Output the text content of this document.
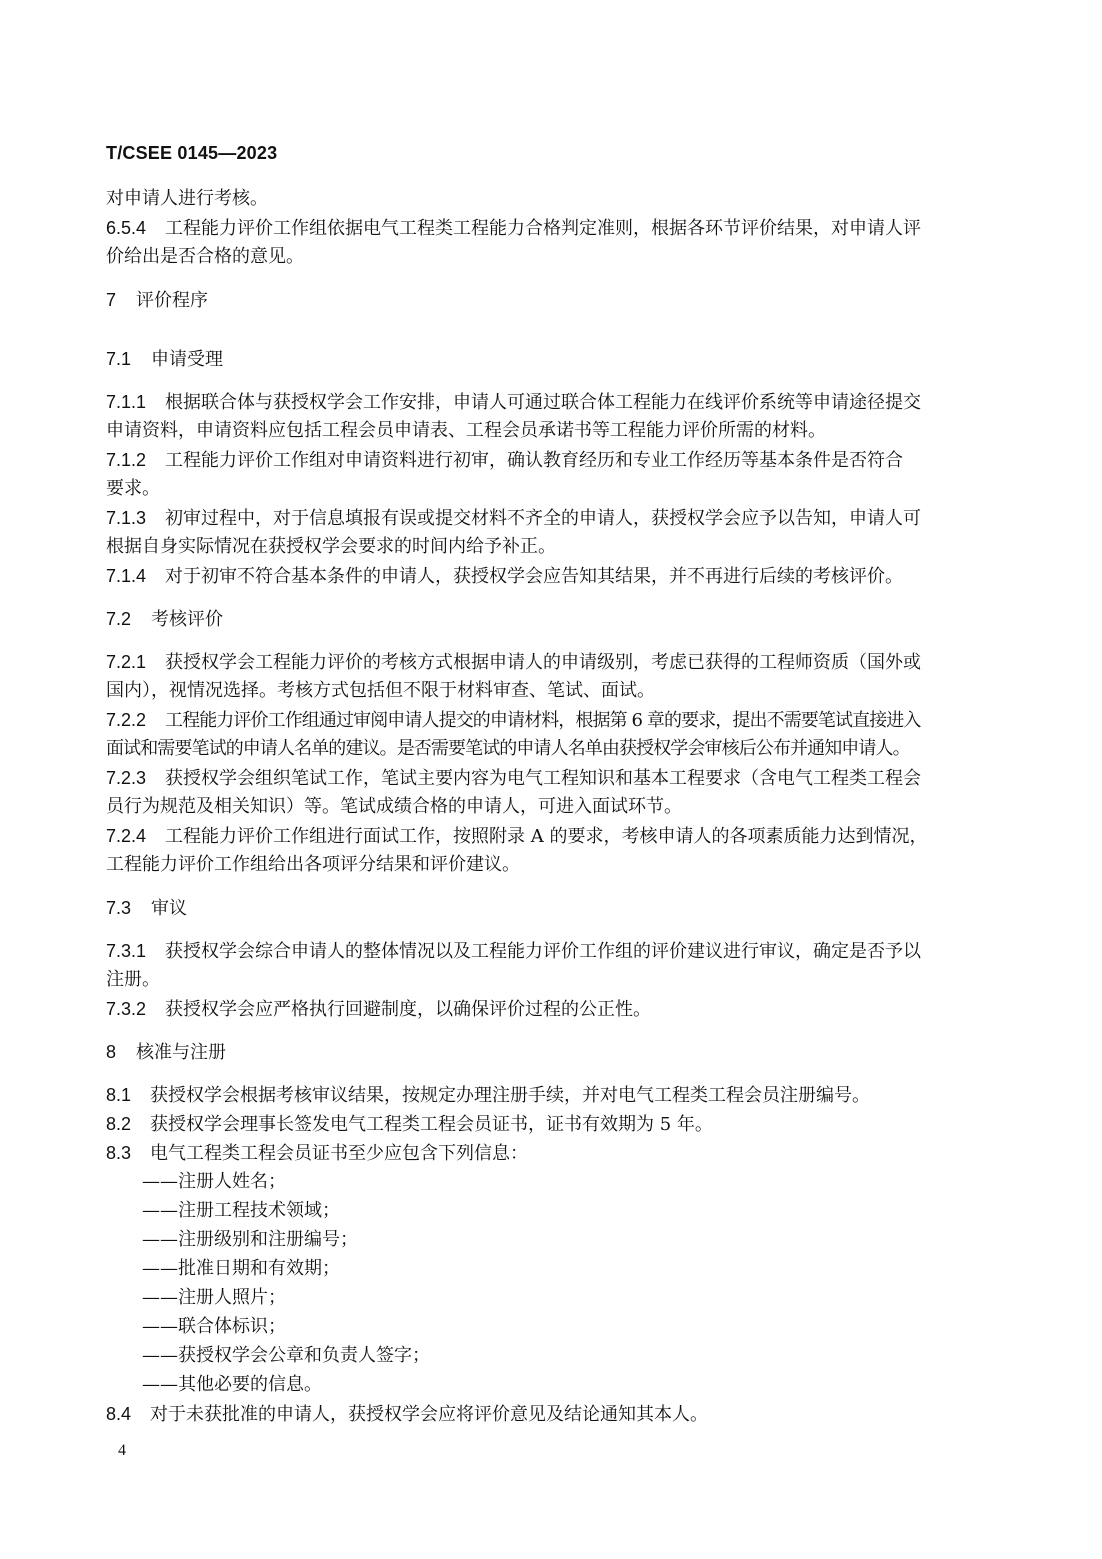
T/CSEE 0145—2023
对申请人进行考核。
6.5.4 工程能力评价工作组依据电气工程类工程能力合格判定准则，根据各环节评价结果，对申请人评
价给出是否合格的意见。
7 评价程序
7.1 申请受理
7.1.1 根据联合体与获授权学会工作安排，申请人可通过联合体工程能力在线评价系统等申请途径提交
申请资料，申请资料应包括工程会员申请表、工程会员承诺书等工程能力评价所需的材料。
7.1.2 工程能力评价工作组对申请资料进行初审，确认教育经历和专业工作经历等基本条件是否符合
要求。
7.1.3 初审过程中，对于信息填报有误或提交材料不齐全的申请人，获授权学会应予以告知，申请人可
根据自身实际情况在获授权学会要求的时间内给予补正。
7.1.4 对于初审不符合基本条件的申请人，获授权学会应告知其结果，并不再进行后续的考核评价。
7.2 考核评价
7.2.1 获授权学会工程能力评价的考核方式根据申请人的申请级别，考虑已获得的工程师资质（国外或
国内），视情况选择。考核方式包括但不限于材料审查、笔试、面试。
7.2.2 工程能力评价工作组通过审阅申请人提交的申请材料，根据第 6 章的要求，提出不需要笔试直接进入
面试和需要笔试的申请人名单的建议。是否需要笔试的申请人名单由获授权学会审核后公布并通知申请人。
7.2.3 获授权学会组织笔试工作，笔试主要内容为电气工程知识和基本工程要求（含电气工程类工程会
员行为规范及相关知识）等。笔试成绩合格的申请人，可进入面试环节。
7.2.4 工程能力评价工作组进行面试工作，按照附录 A 的要求，考核申请人的各项素质能力达到情况，
工程能力评价工作组给出各项评分结果和评价建议。
7.3 审议
7.3.1 获授权学会综合申请人的整体情况以及工程能力评价工作组的评价建议进行审议，确定是否予以
注册。
7.3.2 获授权学会应严格执行回避制度，以确保评价过程的公正性。
8 核准与注册
8.1 获授权学会根据考核审议结果，按规定办理注册手续，并对电气工程类工程会员注册编号。
8.2 获授权学会理事长签发电气工程类工程会员证书，证书有效期为 5 年。
8.3 电气工程类工程会员证书至少应包含下列信息：
——注册人姓名；
——注册工程技术领域；
——注册级别和注册编号；
——批准日期和有效期；
——注册人照片；
——联合体标识；
——获授权学会公章和负责人签字；
——其他必要的信息。
8.4 对于未获批准的申请人，获授权学会应将评价意见及结论通知其本人。
4
